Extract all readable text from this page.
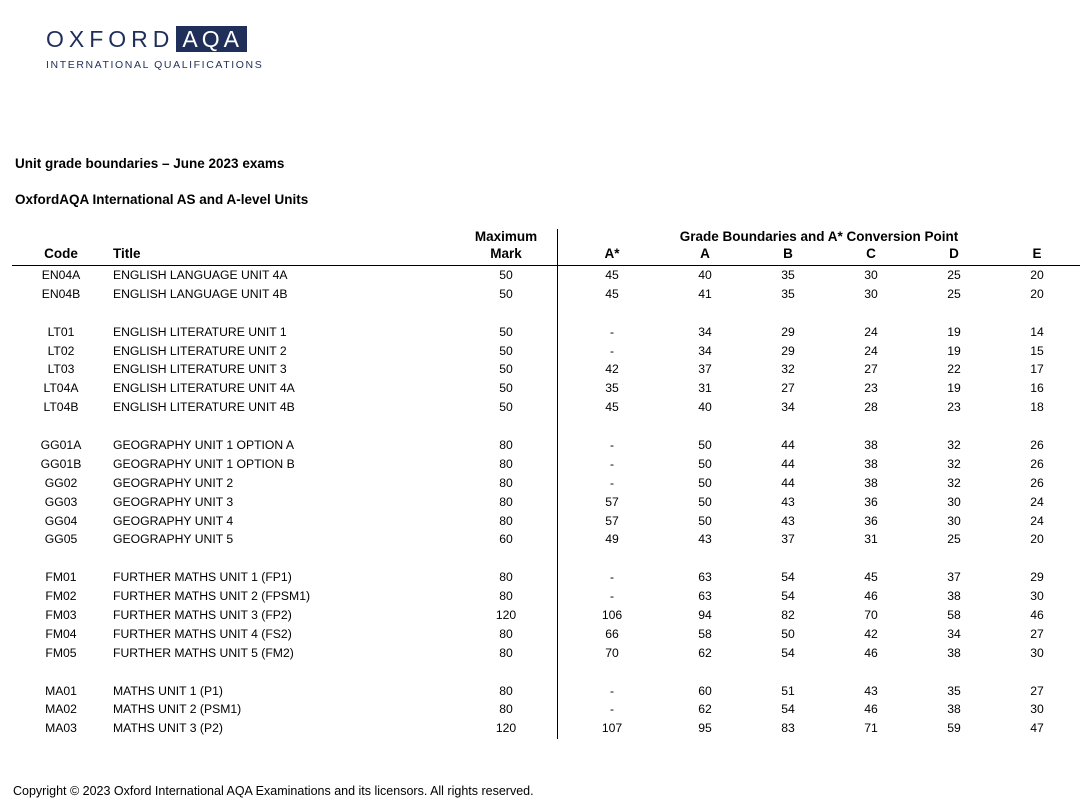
OXFORD AQA
INTERNATIONAL QUALIFICATIONS
Unit grade boundaries – June 2023 exams
OxfordAQA International AS and A-level Units
Maximum	Grade Boundaries and A* Conversion Point
Code	Title	Mark	A*	A	B	C	D	E
EN04A	ENGLISH LANGUAGE UNIT 4A	50	45	40	35	30	25	20
EN04B	ENGLISH LANGUAGE UNIT 4B	50	45	41	35	30	25	20
LT01	ENGLISH LITERATURE UNIT 1	50	-	34	29	24	19	14
LT02	ENGLISH LITERATURE UNIT 2	50	-	34	29	24	19	15
LT03	ENGLISH LITERATURE UNIT 3	50	42	37	32	27	22	17
LT04A	ENGLISH LITERATURE UNIT 4A	50	35	31	27	23	19	16
LT04B	ENGLISH LITERATURE UNIT 4B	50	45	40	34	28	23	18
GG01A	GEOGRAPHY UNIT 1 OPTION A	80	-	50	44	38	32	26
GG01B	GEOGRAPHY UNIT 1 OPTION B	80	-	50	44	38	32	26
GG02	GEOGRAPHY UNIT 2	80	-	50	44	38	32	26
GG03	GEOGRAPHY UNIT 3	80	57	50	43	36	30	24
GG04	GEOGRAPHY UNIT 4	80	57	50	43	36	30	24
GG05	GEOGRAPHY UNIT 5	60	49	43	37	31	25	20
FM01	FURTHER MATHS UNIT 1 (FP1)	80	-	63	54	45	37	29
FM02	FURTHER MATHS UNIT 2 (FPSM1)	80	-	63	54	46	38	30
FM03	FURTHER MATHS UNIT 3 (FP2)	120	106	94	82	70	58	46
FM04	FURTHER MATHS UNIT 4 (FS2)	80	66	58	50	42	34	27
FM05	FURTHER MATHS UNIT 5 (FM2)	80	70	62	54	46	38	30
MA01	MATHS UNIT 1 (P1)	80	-	60	51	43	35	27
MA02	MATHS UNIT 2 (PSM1)	80	-	62	54	46	38	30
MA03	MATHS UNIT 3 (P2)	120	107	95	83	71	59	47
Copyright © 2023 Oxford International AQA Examinations and its licensors. All rights reserved.
